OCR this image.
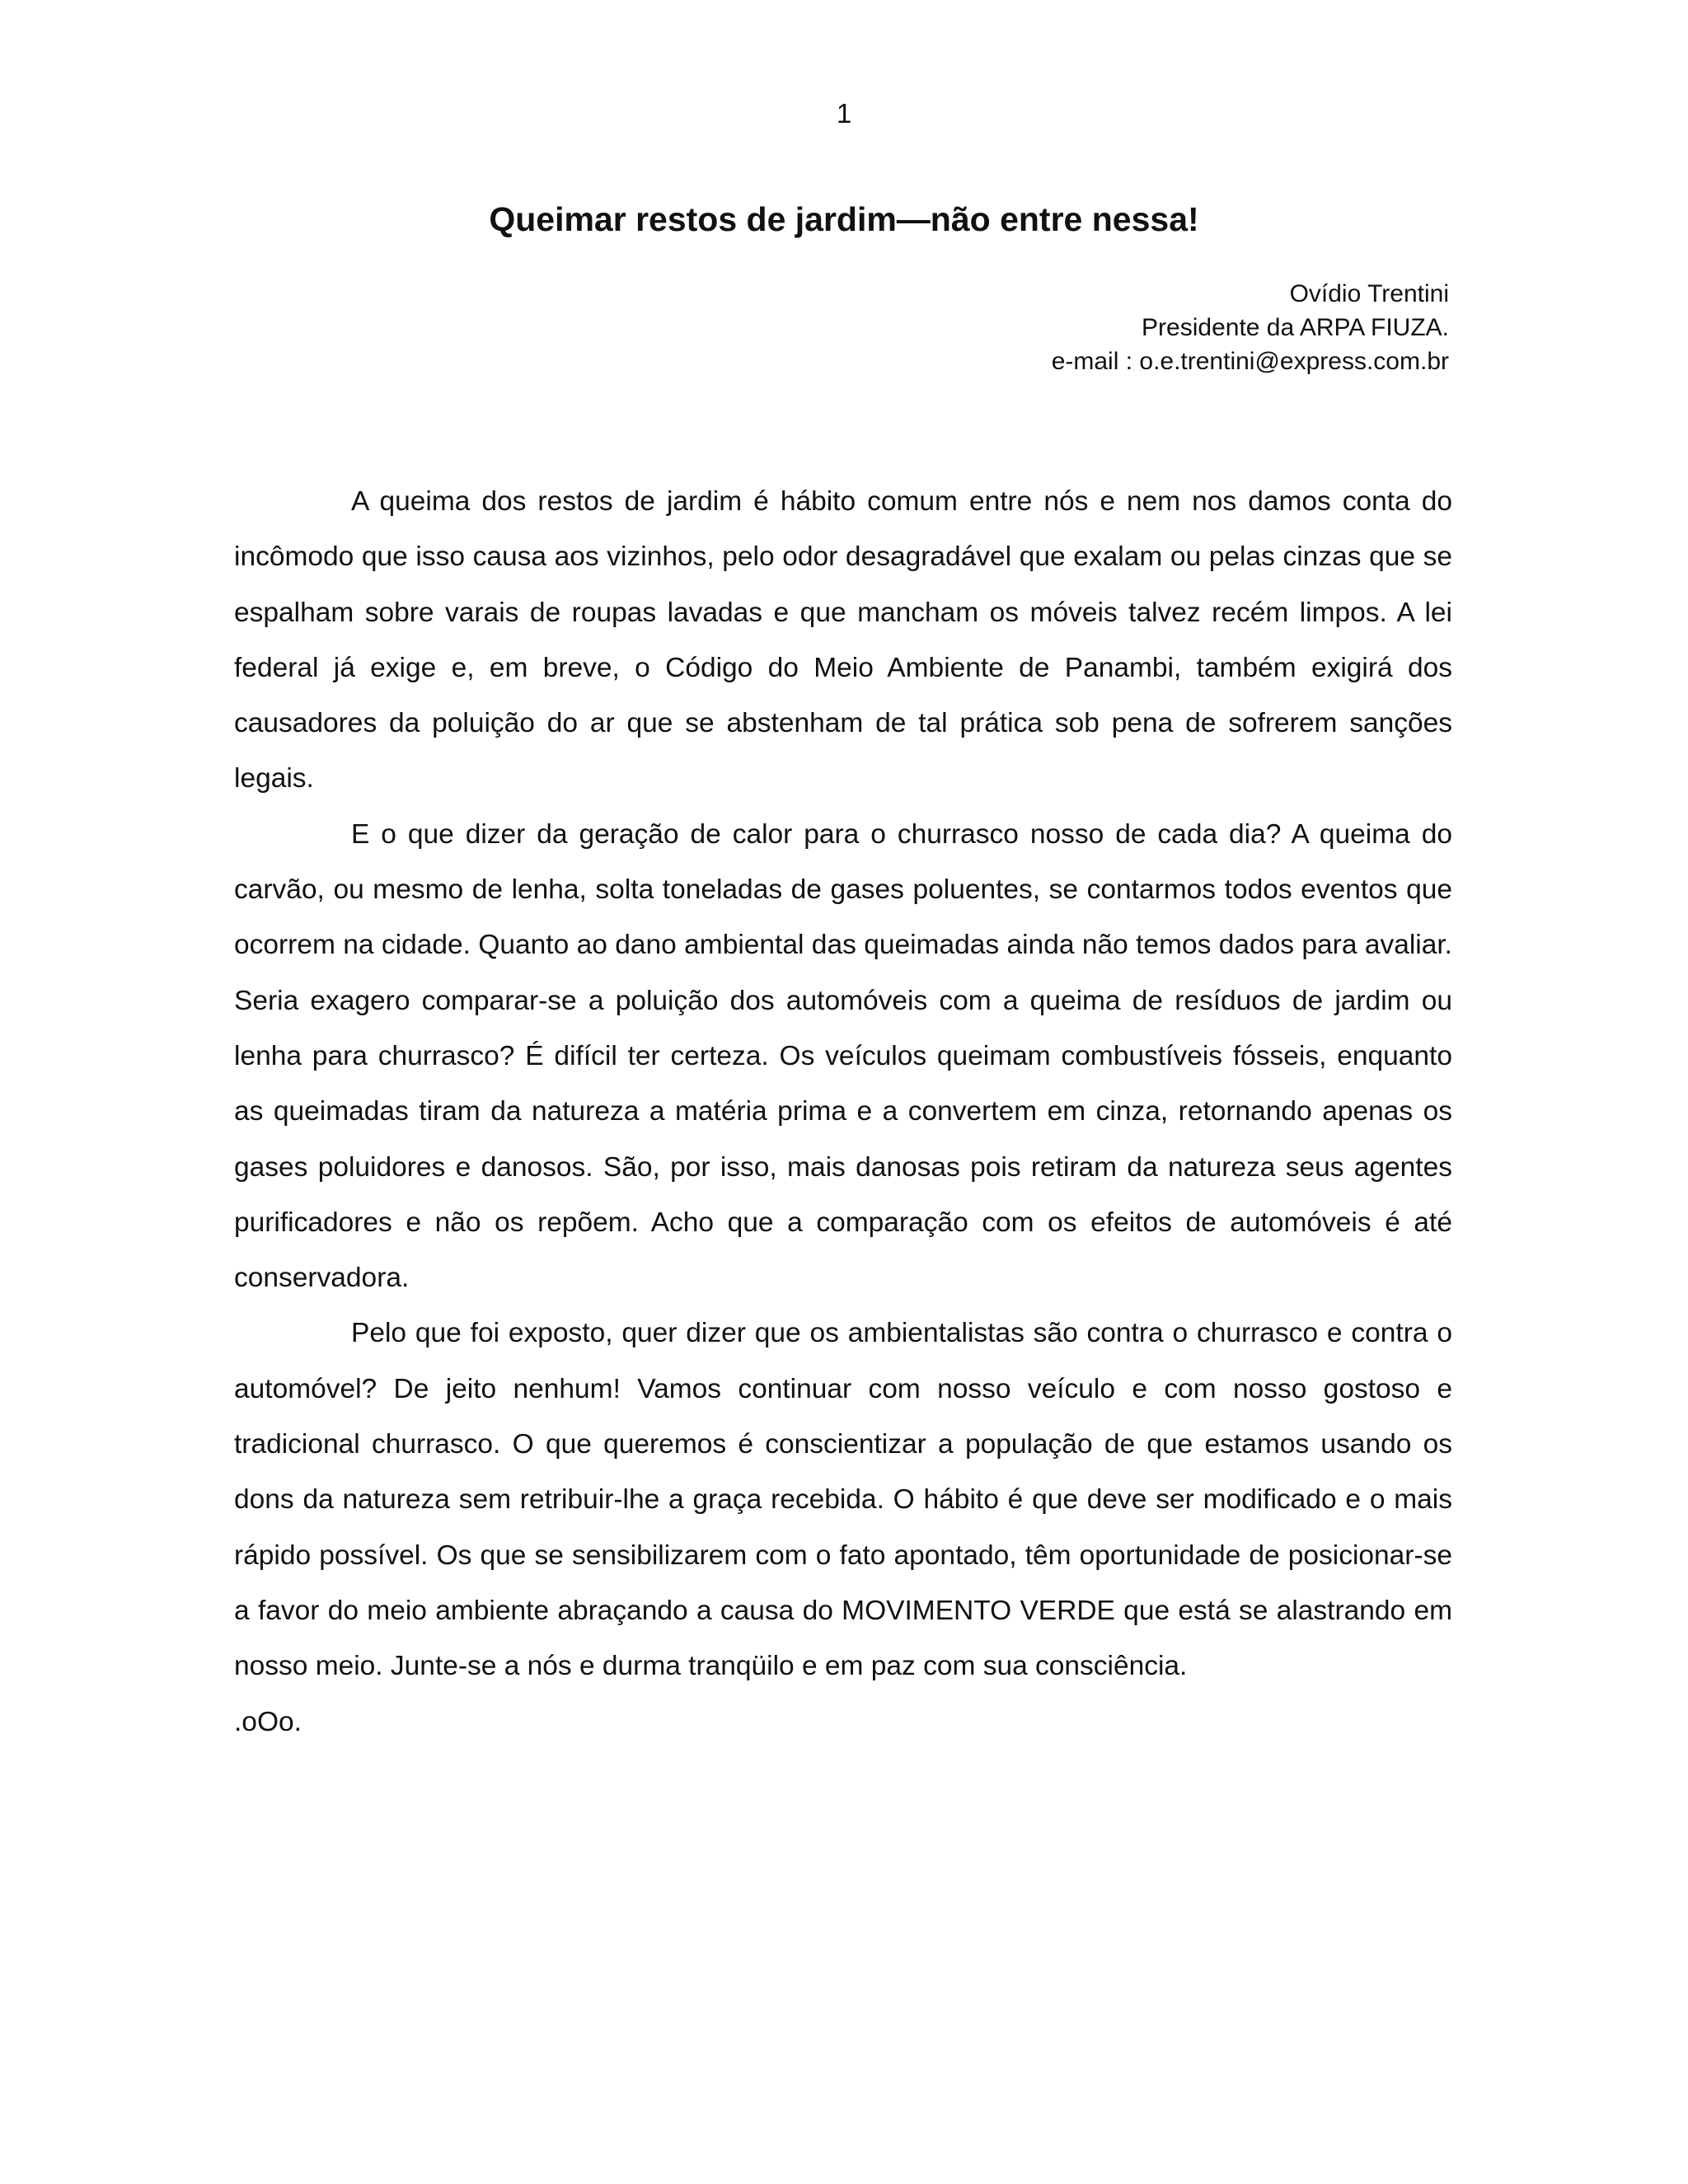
1
Queimar restos de jardim—não entre nessa!
Ovídio Trentini
Presidente da ARPA FIUZA.
e-mail : o.e.trentini@express.com.br

A queima dos restos de jardim é hábito comum entre nós e nem nos damos conta do incômodo que isso causa aos vizinhos, pelo odor desagradável que exalam ou pelas cinzas que se espalham sobre varais de roupas lavadas e que mancham os móveis talvez recém limpos. A lei federal já exige e, em breve, o Código do Meio Ambiente de Panambi, também exigirá dos causadores da poluição do ar que se abstenham de tal prática sob pena de sofrerem sanções legais.

E o que dizer da geração de calor para o churrasco nosso de cada dia? A queima do carvão, ou mesmo de lenha, solta toneladas de gases poluentes, se contarmos todos eventos que ocorrem na cidade. Quanto ao dano ambiental das queimadas ainda não temos dados para avaliar. Seria exagero comparar-se a poluição dos automóveis com a queima de resíduos de jardim ou lenha para churrasco? É difícil ter certeza. Os veículos queimam combustíveis fósseis, enquanto as queimadas tiram da natureza a matéria prima e a convertem em cinza, retornando apenas os gases poluidores e danosos. São, por isso, mais danosas pois retiram da natureza seus agentes purificadores e não os repõem. Acho que a comparação com os efeitos de automóveis é até conservadora.

Pelo que foi exposto, quer dizer que os ambientalistas são contra o churrasco e contra o automóvel? De jeito nenhum! Vamos continuar com nosso veículo e com nosso gostoso e tradicional churrasco. O que queremos é conscientizar a população de que estamos usando os dons da natureza sem retribuir-lhe a graça recebida. O hábito é que deve ser modificado e o mais rápido possível. Os que se sensibilizarem com o fato apontado, têm oportunidade de posicionar-se a favor do meio ambiente abraçando a causa do MOVIMENTO VERDE que está se alastrando em nosso meio. Junte-se a nós e durma tranqüilo e em paz com sua consciência.

.oOo.
